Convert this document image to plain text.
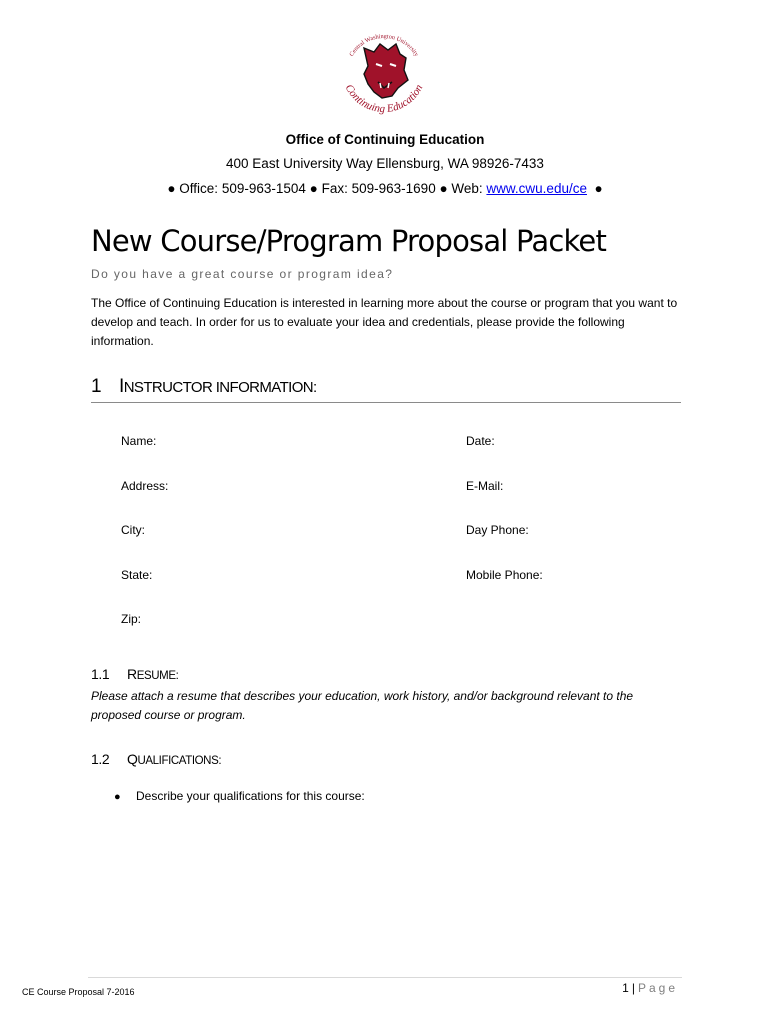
Central Washington University
Continuing Education
Office of Continuing Education
400 East University Way Ellensburg, WA 98926-7433
● Office: 509-963-1504 ● Fax: 509-963-1690 ● Web: www.cwu.edu/ce ●
New Course/Program Proposal Packet
Do you have a great course or program idea?
The Office of Continuing Education is interested in learning more about the course or program that you want to develop and teach. In order for us to evaluate your idea and credentials, please provide the following information.
1 INSTRUCTOR INFORMATION:
Name:
Address:
City:
State:
Zip:
Date:
E-Mail:
Day Phone:
Mobile Phone:
1.1 RESUME:
Please attach a resume that describes your education, work history, and/or background relevant to the proposed course or program.
1.2 QUALIFICATIONS:
● Describe your qualifications for this course:
CE Course Proposal 7-2016	1 | Page
